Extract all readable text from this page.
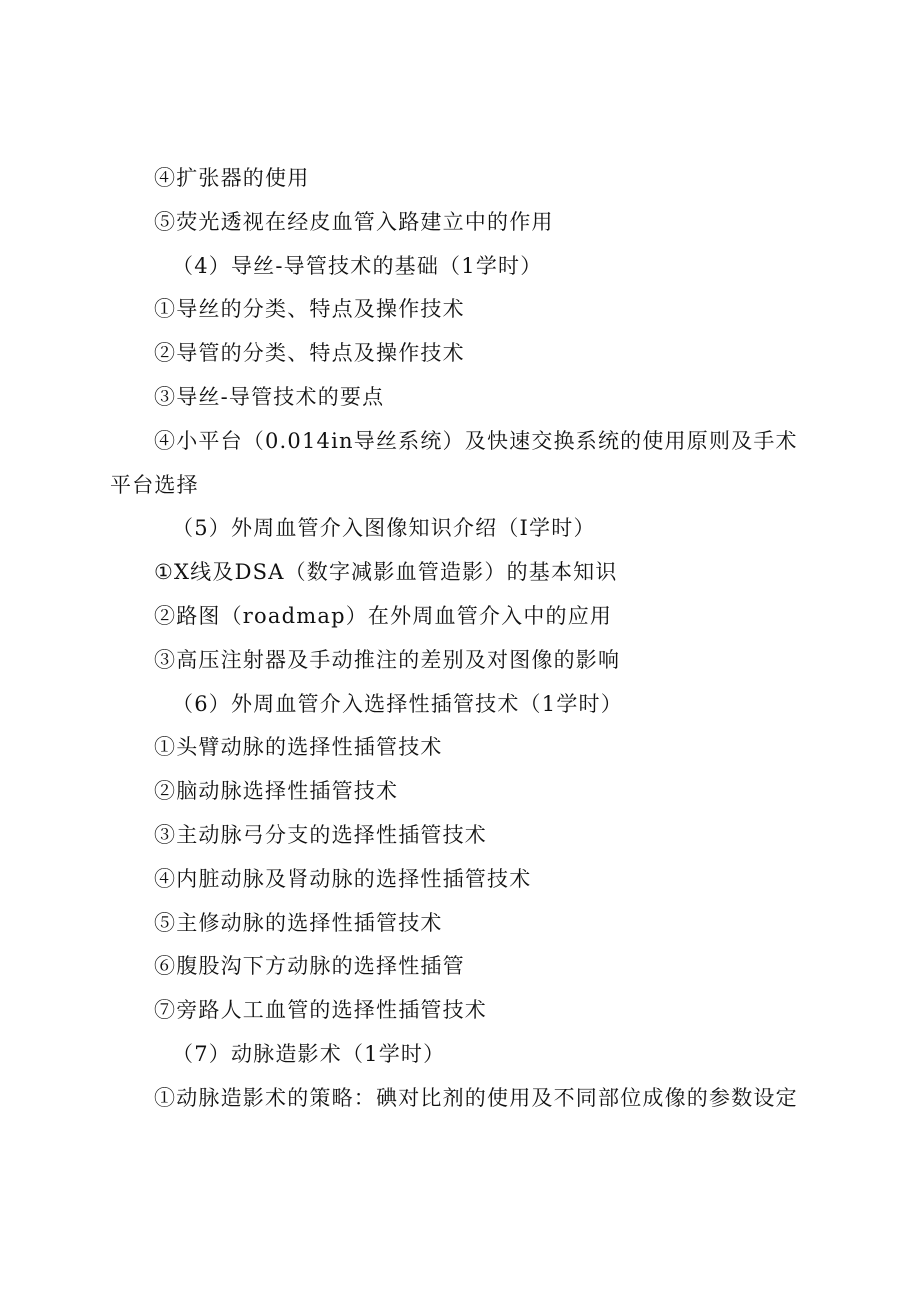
④扩张器的使用

⑤荧光透视在经皮血管入路建立中的作用

（4）导丝-导管技术的基础（1学时）

①导丝的分类、特点及操作技术

②导管的分类、特点及操作技术

③导丝-导管技术的要点

④小平台（0.014in导丝系统）及快速交换系统的使用原则及手术平台选择

（5）外周血管介入图像知识介绍（I学时）

①X线及DSA（数字减影血管造影）的基本知识

②路图（roadmap）在外周血管介入中的应用

③高压注射器及手动推注的差别及对图像的影响

（6）外周血管介入选择性插管技术（1学时）

①头臂动脉的选择性插管技术

②脑动脉选择性插管技术

③主动脉弓分支的选择性插管技术

④内脏动脉及肾动脉的选择性插管技术

⑤主修动脉的选择性插管技术

⑥腹股沟下方动脉的选择性插管

⑦旁路人工血管的选择性插管技术

（7）动脉造影术（1学时）

①动脉造影术的策略：碘对比剂的使用及不同部位成像的参数设定
